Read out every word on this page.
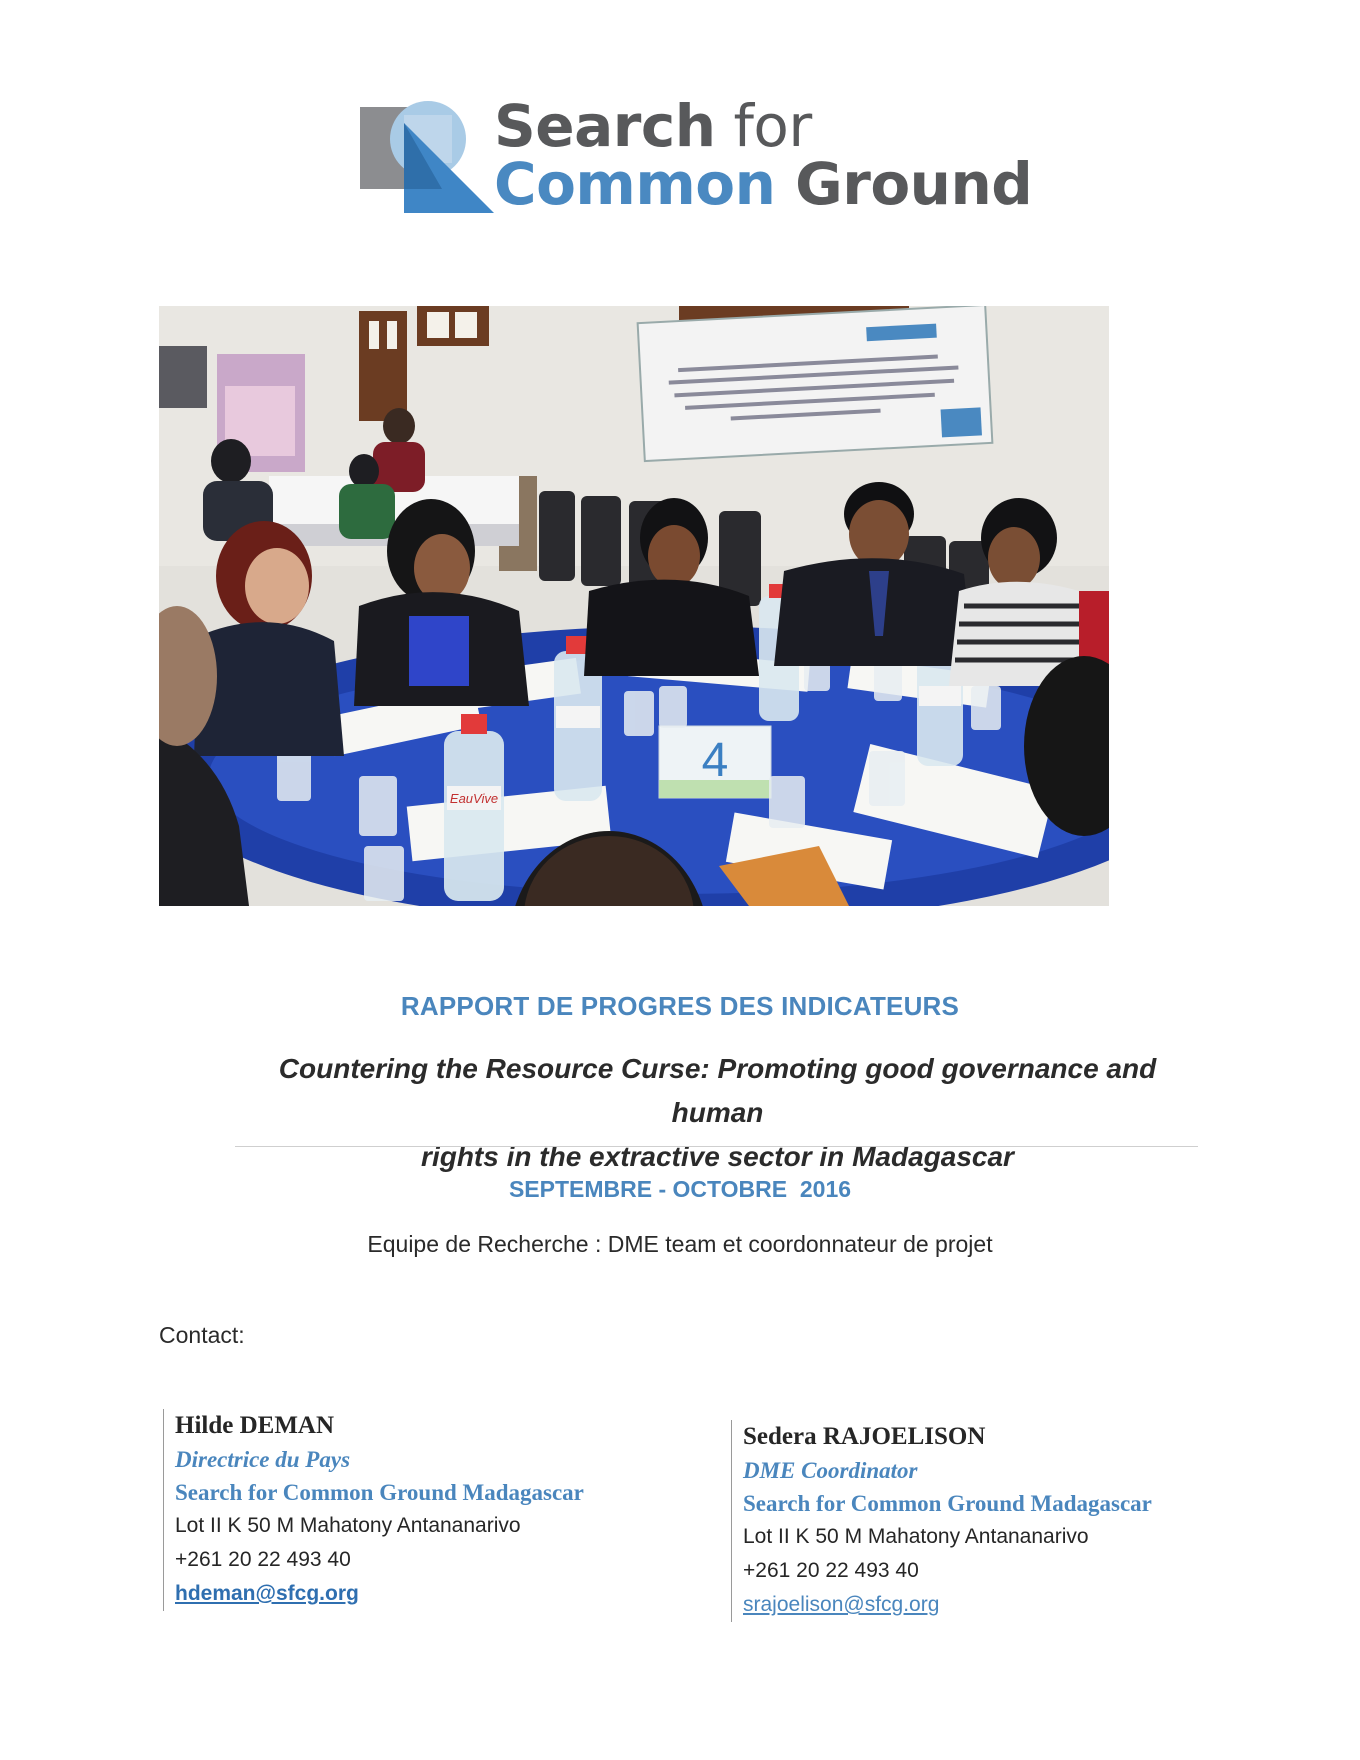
Search for
Common Ground
4
EauVive
RAPPORT DE PROGRES DES INDICATEURS
Countering the Resource Curse: Promoting good governance and human
rights in the extractive sector in Madagascar
SEPTEMBRE - OCTOBRE  2016
Equipe de Recherche : DME team et coordonnateur de projet
Contact:
Hilde DEMAN
Directrice du Pays
Search for Common Ground Madagascar
Lot II K 50 M Mahatony Antananarivo
+261 20 22 493 40
hdeman@sfcg.org
Sedera RAJOELISON
DME Coordinator
Search for Common Ground Madagascar
Lot II K 50 M Mahatony Antananarivo
+261 20 22 493 40
srajoelison@sfcg.org
